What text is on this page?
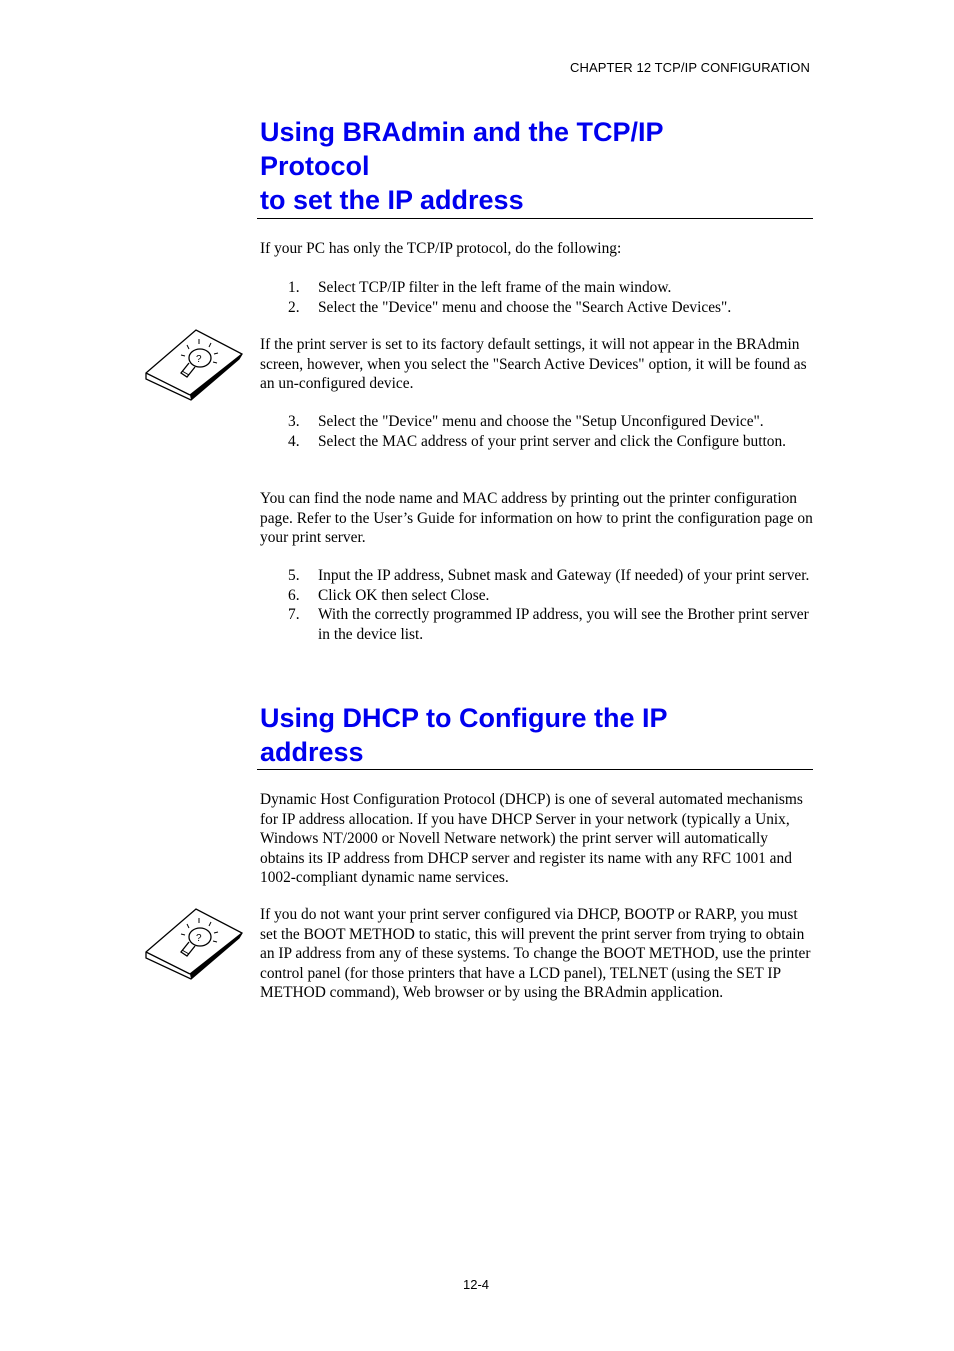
CHAPTER 12 TCP/IP CONFIGURATION
Using BRAdmin and the TCP/IP
Protocol
to set the IP address

If your PC has only the TCP/IP protocol, do the following:

1. Select TCP/IP filter in the left frame of the main window.
2. Select the "Device" menu and choose the "Search Active Devices".
?

If the print server is set to its factory default settings, it will not appear in the BRAdmin screen, however, when you select the "Search Active Devices" option, it will be found as an un-configured device.

3. Select the "Device" menu and choose the "Setup Unconfigured Device".
4. Select the MAC address of your print server and click the Configure button.

You can find the node name and MAC address by printing out the printer configuration page. Refer to the User’s Guide for information on how to print the configuration page on your print server.

5. Input the IP address, Subnet mask and Gateway (If needed) of your print server.
6. Click OK then select Close.
7. With the correctly programmed IP address, you will see the Brother print server in the device list.
Using DHCP to Configure the IP
address

Dynamic Host Configuration Protocol (DHCP) is one of several automated mechanisms for IP address allocation. If you have DHCP Server in your network (typically a Unix, Windows NT/2000 or Novell Netware network) the print server will automatically obtains its IP address from DHCP server and register its name with any RFC 1001 and 1002-compliant dynamic name services.

?

If you do not want your print server configured via DHCP, BOOTP or RARP, you must set the BOOT METHOD to static, this will prevent the print server from trying to obtain an IP address from any of these systems. To change the BOOT METHOD, use the printer control panel (for those printers that have a LCD panel), TELNET (using the SET IP METHOD command), Web browser or by using the BRAdmin application.

12-4
